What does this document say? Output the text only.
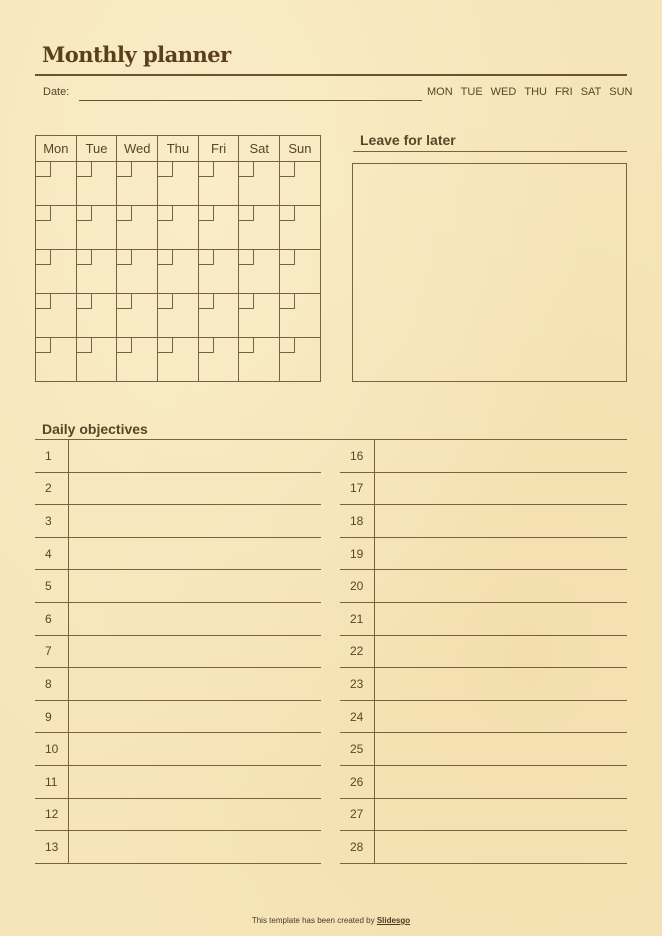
Monthly planner
Date:	MON TUE WED THU FRI SAT SUN
Mon	Tue	Wed	Thu	Fri	Sat	Sun

Leave for later
Daily objectives
1
2
3
4
5
6
7
8
9
10
11
12
13
16
17
18
19
20
21
22
23
24
25
26
27
28
This template has been created by Slidesgo
